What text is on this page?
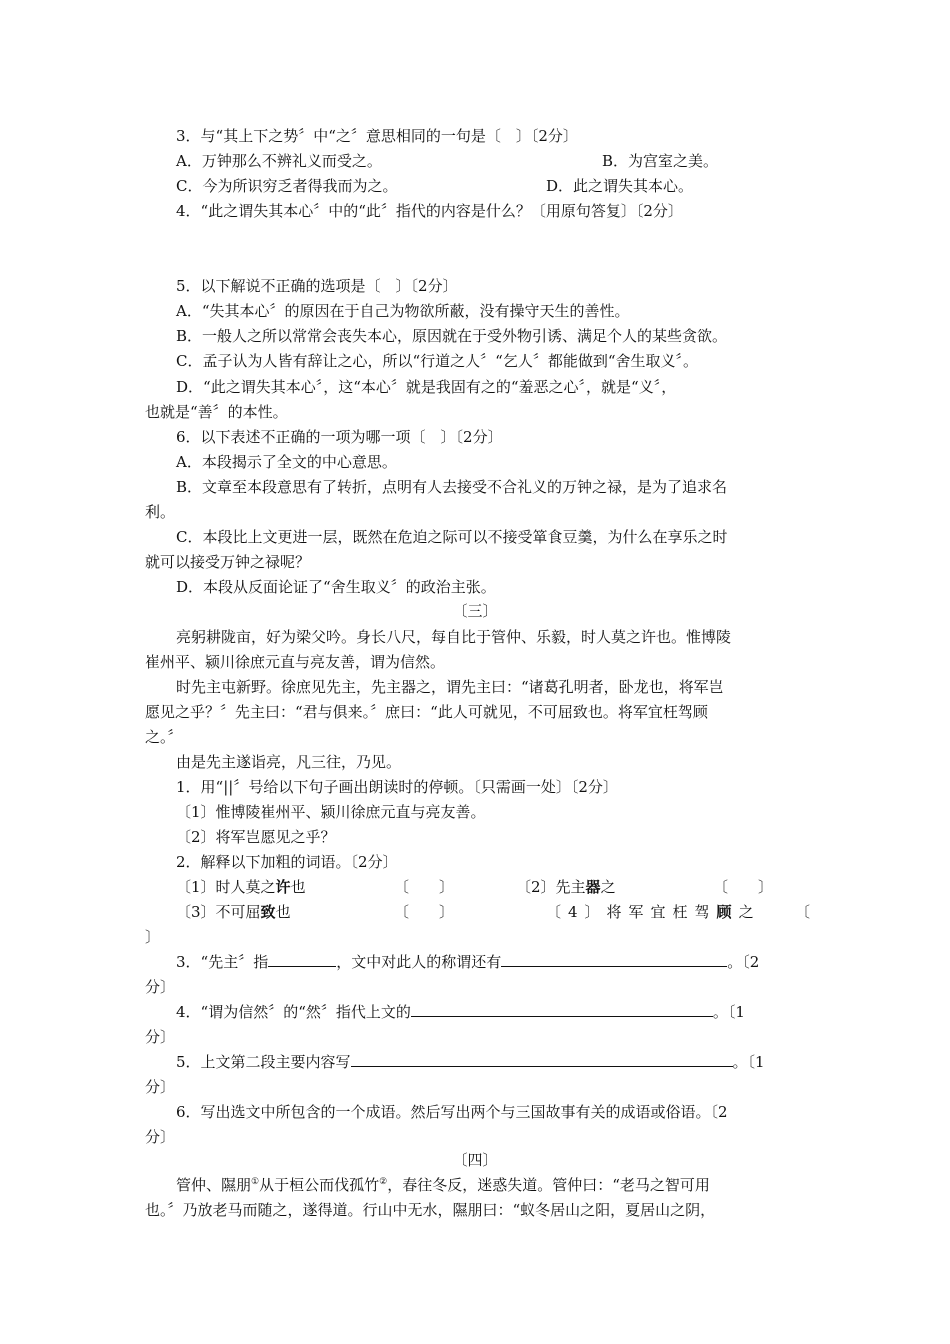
3．与“其上下之势〞中“之〞意思相同的一句是〔　〕〔2分〕
A．万钟那么不辨礼义而受之。	B．为宫室之美。
C．今为所识穷乏者得我而为之。	D．此之谓失其本心。
4．“此之谓失其本心〞中的“此〞指代的内容是什么？〔用原句答复〕〔2分〕
5．以下解说不正确的选项是〔　〕〔2分〕
A．“失其本心〞的原因在于自己为物欲所蔽，没有操守天生的善性。
B．一般人之所以常常会丧失本心，原因就在于受外物引诱、满足个人的某些贪欲。
C．孟子认为人皆有辞让之心，所以“行道之人〞“乞人〞都能做到“舍生取义〞。
D．“此之谓失其本心〞，这“本心〞就是我固有之的“羞恶之心〞，就是“义〞，
也就是“善〞的本性。
6．以下表述不正确的一项为哪一项〔　〕〔2分〕
A．本段揭示了全文的中心意思。
B．文章至本段意思有了转折，点明有人去接受不合礼义的万钟之禄，是为了追求名
利。
C．本段比上文更进一层，既然在危迫之际可以不接受箪食豆羹，为什么在享乐之时
就可以接受万钟之禄呢？
D．本段从反面论证了“舍生取义〞的政治主张。
〔三〕
亮躬耕陇亩，好为梁父吟。身长八尺，每自比于管仲、乐毅，时人莫之许也。惟博陵
崔州平、颍川徐庶元直与亮友善，谓为信然。
时先主屯新野。徐庶见先主，先主器之，谓先主曰：“诸葛孔明者，卧龙也，将军岂
愿见之乎？〞先主曰：“君与俱来。〞庶曰：“此人可就见，不可屈致也。将军宜枉驾顾
之。〞
由是先主遂诣亮，凡三往，乃见。
1．用“||〞号给以下句子画出朗读时的停顿。〔只需画一处〕〔2分〕
〔1〕惟博陵崔州平、颍川徐庶元直与亮友善。
〔2〕将军岂愿见之乎？
2．解释以下加粗的词语。〔2分〕
〔1〕时人莫之许也	〔　　〕	〔2〕先主器之	〔　　〕
〔3〕不可屈致也	〔　　〕	〔4〕将军宜枉驾顾之 〔
〕
3．“先主〞指	，文中对此人的称谓还有	。〔2
分〕
4．“谓为信然〞的“然〞指代上文的	。〔1
分〕
5．上文第二段主要内容写	。〔1
分〕
6．写出选文中所包含的一个成语。然后写出两个与三国故事有关的成语或俗语。〔2
分〕
〔四〕
管仲、隰朋①从于桓公而伐孤竹②，春往冬反，迷惑失道。管仲曰：“老马之智可用
也。〞乃放老马而随之，遂得道。行山中无水，隰朋曰：“蚁冬居山之阳，夏居山之阴，
